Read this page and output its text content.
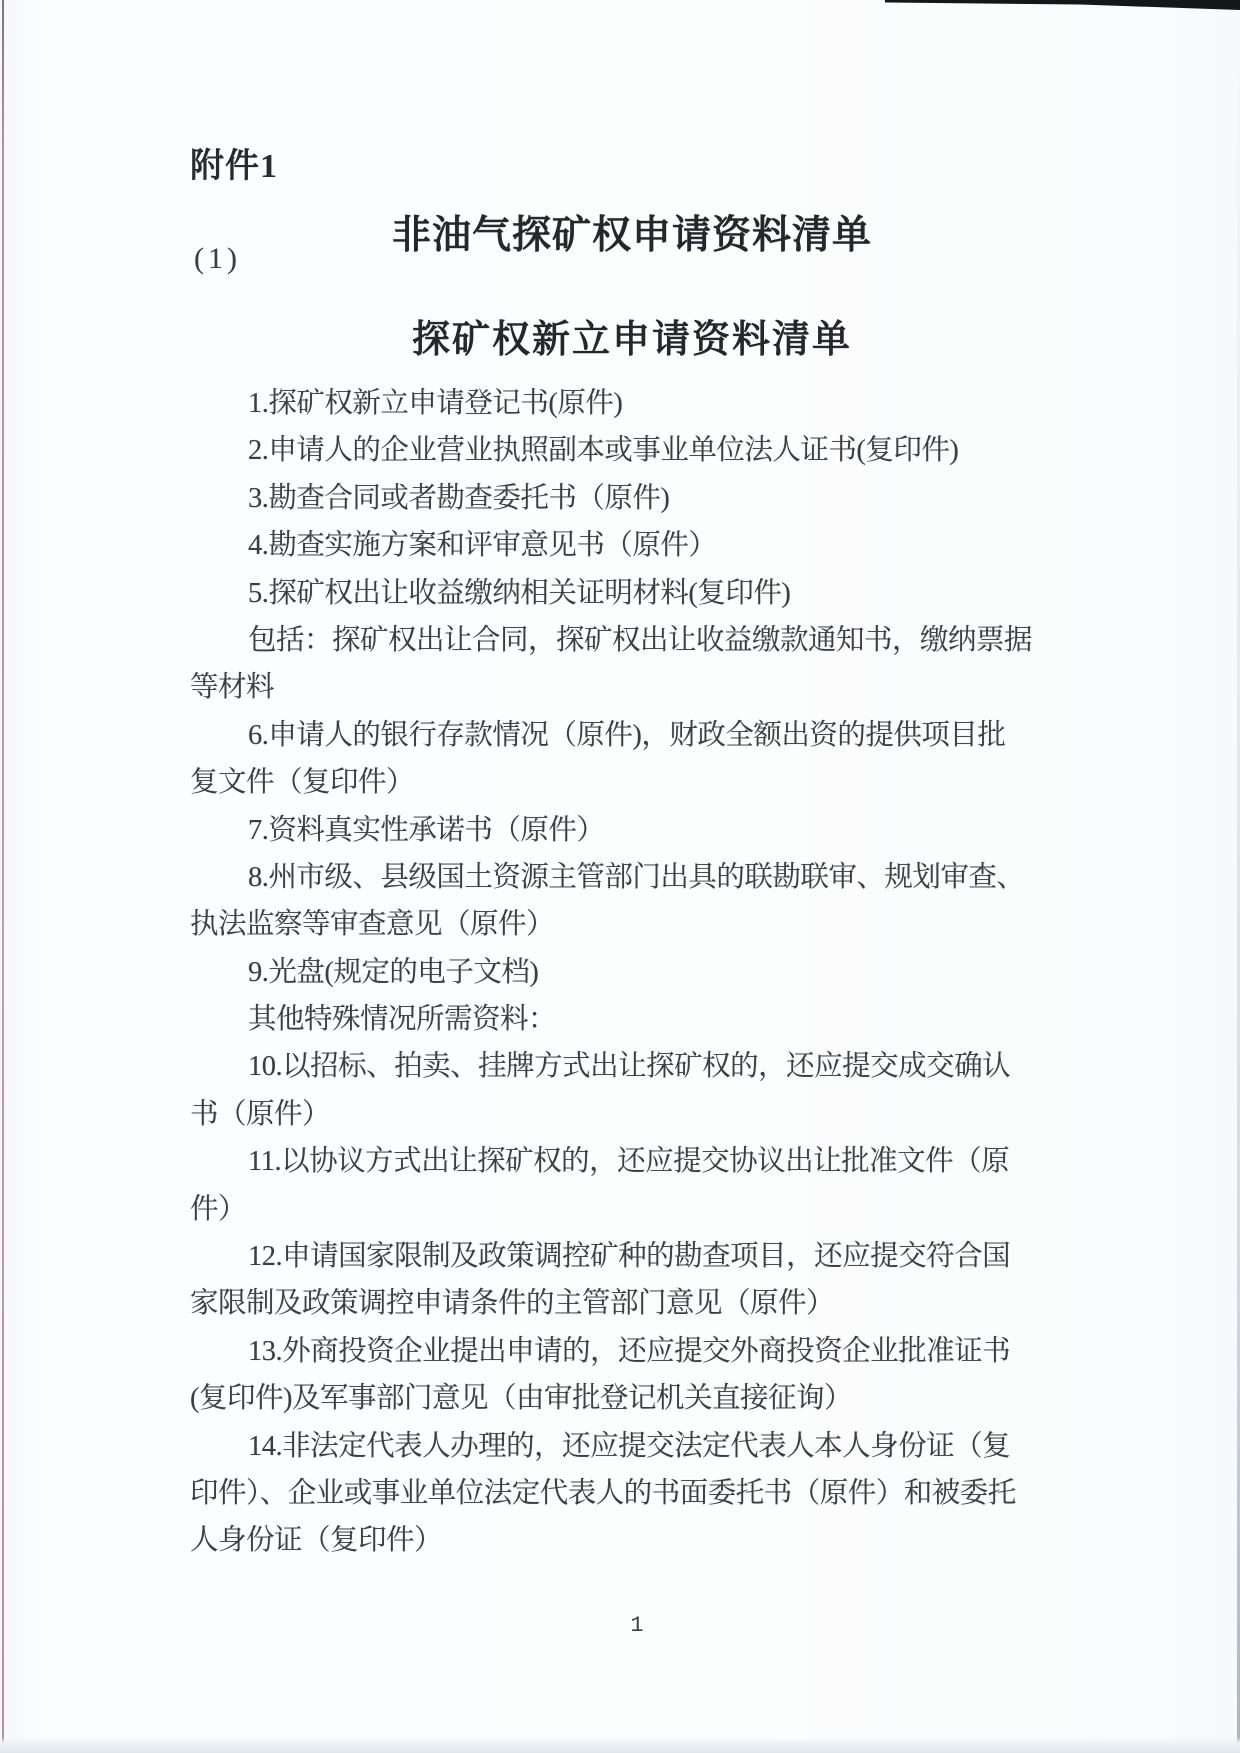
附件1
非油气探矿权申请资料清单
(1)
探矿权新立申请资料清单
1.探矿权新立申请登记书(原件)
2.申请人的企业营业执照副本或事业单位法人证书(复印件)
3.勘查合同或者勘查委托书（原件)
4.勘查实施方案和评审意见书（原件）
5.探矿权出让收益缴纳相关证明材料(复印件)
包括：探矿权出让合同，探矿权出让收益缴款通知书，缴纳票据
等材料
6.申请人的银行存款情况（原件)，财政全额出资的提供项目批
复文件（复印件）
7.资料真实性承诺书（原件）
8.州市级、县级国土资源主管部门出具的联勘联审、规划审查、
执法监察等审查意见（原件）
9.光盘(规定的电子文档)
其他特殊情况所需资料：
10.以招标、拍卖、挂牌方式出让探矿权的，还应提交成交确认
书（原件）
11.以协议方式出让探矿权的，还应提交协议出让批准文件（原
件）
12.申请国家限制及政策调控矿种的勘查项目，还应提交符合国
家限制及政策调控申请条件的主管部门意见（原件）
13.外商投资企业提出申请的，还应提交外商投资企业批准证书
(复印件)及军事部门意见（由审批登记机关直接征询）
14.非法定代表人办理的，还应提交法定代表人本人身份证（复
印件）、企业或事业单位法定代表人的书面委托书（原件）和被委托
人身份证（复印件）
1
